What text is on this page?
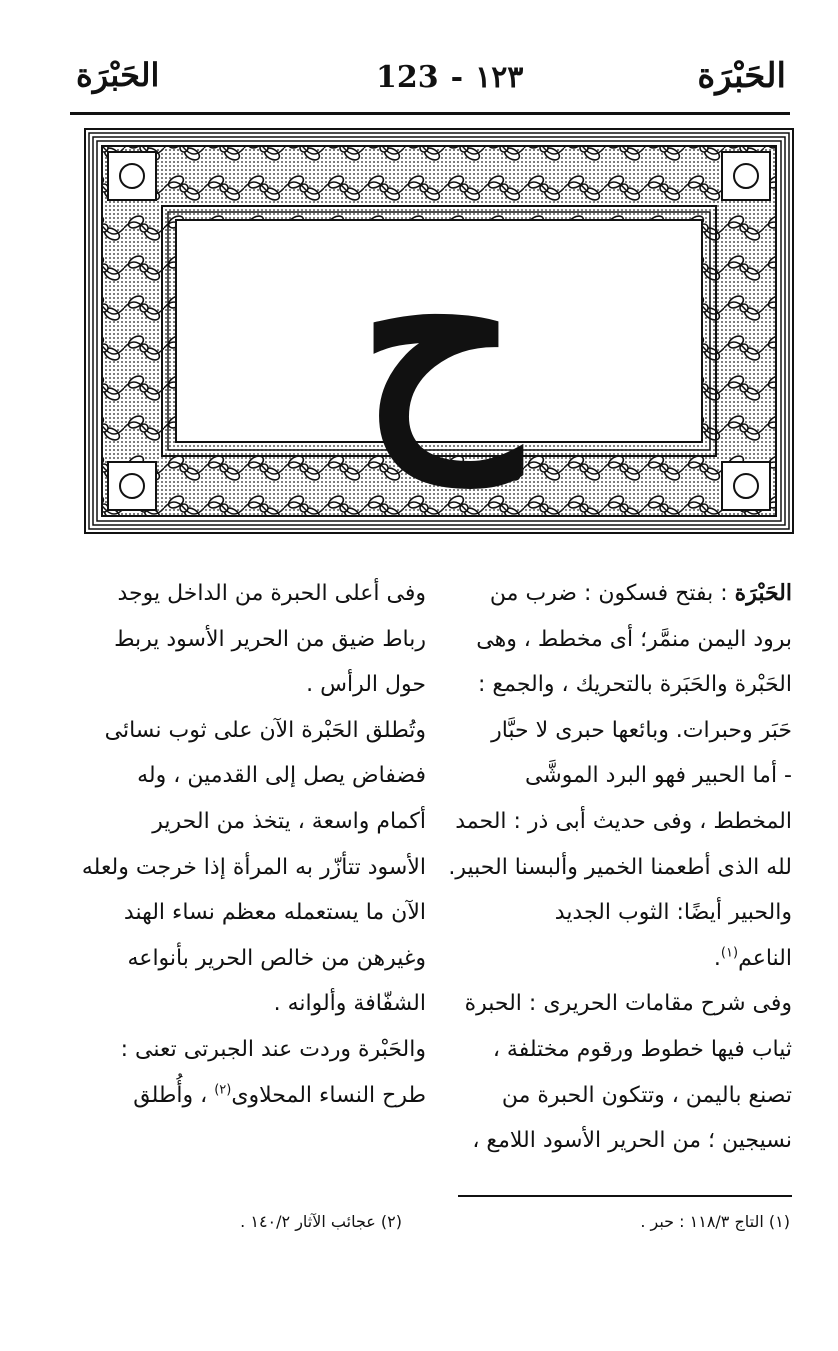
الحَبْرَة
123 - ١٢٣
الحَبْرَة
ح

الحَبْرَة : بفتح فسكون : ضرب من

برود اليمن منمَّر؛ أى مخطط ، وهى

الحَبْرة والحَبَرة بالتحريك ، والجمع :

حَبَر وحبرات. وبائعها حبرى لا حبَّار

- أما الحبير فهو البرد الموشَّى

المخطط ، وفى حديث أبى ذر : الحمد

لله الذى أطعمنا الخمير وألبسنا الحبير.

والحبير أيضًا: الثوب الجديد

الناعم$^{(١)}$.

وفى شرح مقامات الحريرى : الحبرة

ثياب فيها خطوط ورقوم مختلفة ،

تصنع باليمن ، وتتكون الحبرة من

نسيجين ؛ من الحرير الأسود اللامع ،

وفى أعلى الحبرة من الداخل يوجد

رباط ضيق من الحرير الأسود يربط

حول الرأس .

وتُطلق الحَبْرة الآن على ثوب نسائى

فضفاض يصل إلى القدمين ، وله

أكمام واسعة ، يتخذ من الحرير

الأسود تتأزّر به المرأة إذا خرجت ولعله

الآن ما يستعمله معظم نساء الهند

وغيرهن من خالص الحرير بأنواعه

الشفّافة وألوانه .

والحَبْرة وردت عند الجبرتى تعنى :

طرح النساء المحلاوى$^{(٢)}$ ، وأُطلق

(١) التاج ١١٨/٣ : حبر .
(٢) عجائب الآثار ١٤٠/٢ .
